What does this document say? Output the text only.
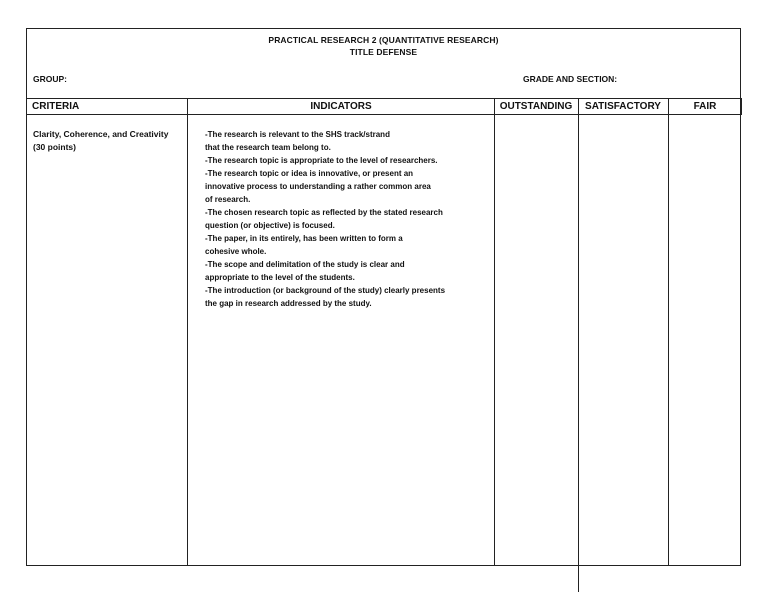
PRACTICAL RESEARCH 2 (QUANTITATIVE RESEARCH)
TITLE DEFENSE
GROUP:	GRADE AND SECTION:
CRITERIA	INDICATORS	OUTSTANDING	SATISFACTORY	FAIR
Clarity, Coherence, and Creativity
(30 points)
-The research is relevant to the SHS track/strand
that the research team belong to.
-The research topic is appropriate to the level of researchers.
-The research topic or idea is innovative, or present an
innovative process to understanding a rather common area
of research.
-The chosen research topic as reflected by the stated research
question (or objective) is focused.
-The paper, in its entirely, has been written to form a
cohesive whole.
-The scope and delimitation of the study is clear and
appropriate to the level of the students.
-The introduction (or background of the study) clearly presents
the gap in research addressed by the study.
